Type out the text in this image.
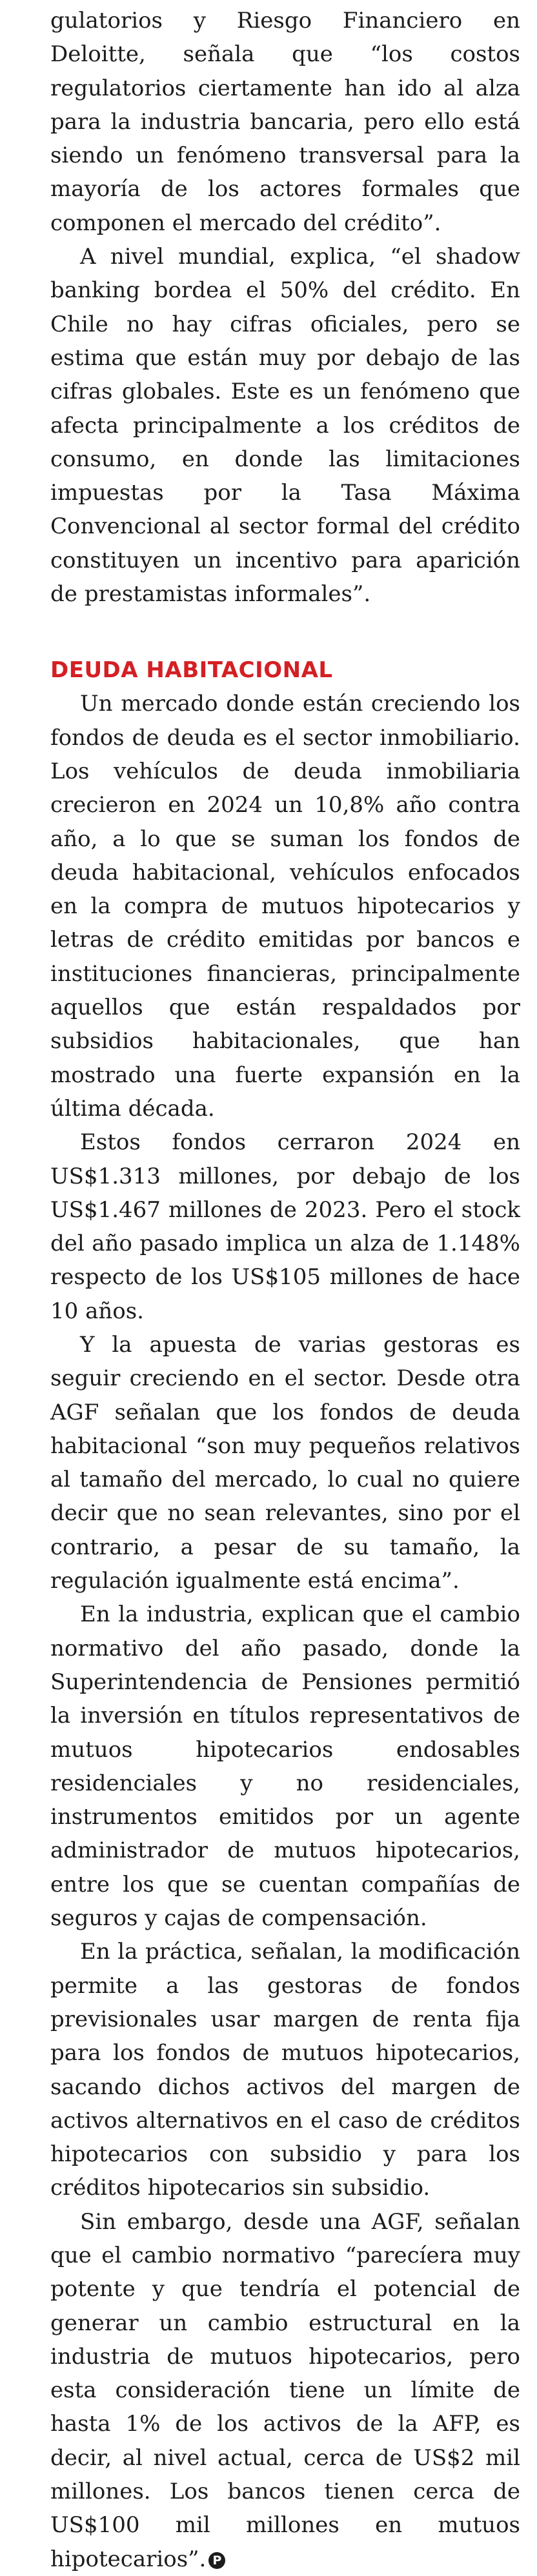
gulatorios y Riesgo Financiero en Deloitte, señala que “los costos regulatorios ciertamente han ido al alza para la industria bancaria, pero ello está siendo un fenómeno transversal para la mayoría de los actores formales que componen el mercado del crédito”.

A nivel mundial, explica, “el shadow banking bordea el 50% del crédito. En Chile no hay cifras oficiales, pero se estima que están muy por debajo de las cifras globales. Este es un fenómeno que afecta principalmente a los créditos de consumo, en donde las limitaciones impuestas por la Tasa Máxima Convencional al sector formal del crédito constituyen un incentivo para aparición de prestamistas informales”.

DEUDA HABITACIONAL

Un mercado donde están creciendo los fondos de deuda es el sector inmobiliario. Los vehículos de deuda inmobiliaria crecieron en 2024 un 10,8% año contra año, a lo que se suman los fondos de deuda habitacional, vehículos enfocados en la compra de mutuos hipotecarios y letras de crédito emitidas por bancos e instituciones financieras, principalmente aquellos que están respaldados por subsidios habitacionales, que han mostrado una fuerte expansión en la última década.

Estos fondos cerraron 2024 en US$1.313 millones, por debajo de los US$1.467 millones de 2023. Pero el stock del año pasado implica un alza de 1.148% respecto de los US$105 millones de hace 10 años.

Y la apuesta de varias gestoras es seguir creciendo en el sector. Desde otra AGF señalan que los fondos de deuda habitacional “son muy pequeños relativos al tamaño del mercado, lo cual no quiere decir que no sean relevantes, sino por el contrario, a pesar de su tamaño, la regulación igualmente está encima”.

En la industria, explican que el cambio normativo del año pasado, donde la Superintendencia de Pensiones permitió la inversión en títulos representativos de mutuos hipotecarios endosables residenciales y no residenciales, instrumentos emitidos por un agente administrador de mutuos hipotecarios, entre los que se cuentan compañías de seguros y cajas de compensación.

En la práctica, señalan, la modificación permite a las gestoras de fondos previsionales usar margen de renta fija para los fondos de mutuos hipotecarios, sacando dichos activos del margen de activos alternativos en el caso de créditos hipotecarios con subsidio y para los créditos hipotecarios sin subsidio.

Sin embargo, desde una AGF, señalan que el cambio normativo “parecíera muy potente y que tendría el potencial de generar un cambio estructural en la industria de mutuos hipotecarios, pero esta consideración tiene un límite de hasta 1% de los activos de la AFP, es decir, al nivel actual, cerca de US$2 mil millones. Los bancos tienen cerca de US$100 mil millones en mutuos hipotecarios”. P
